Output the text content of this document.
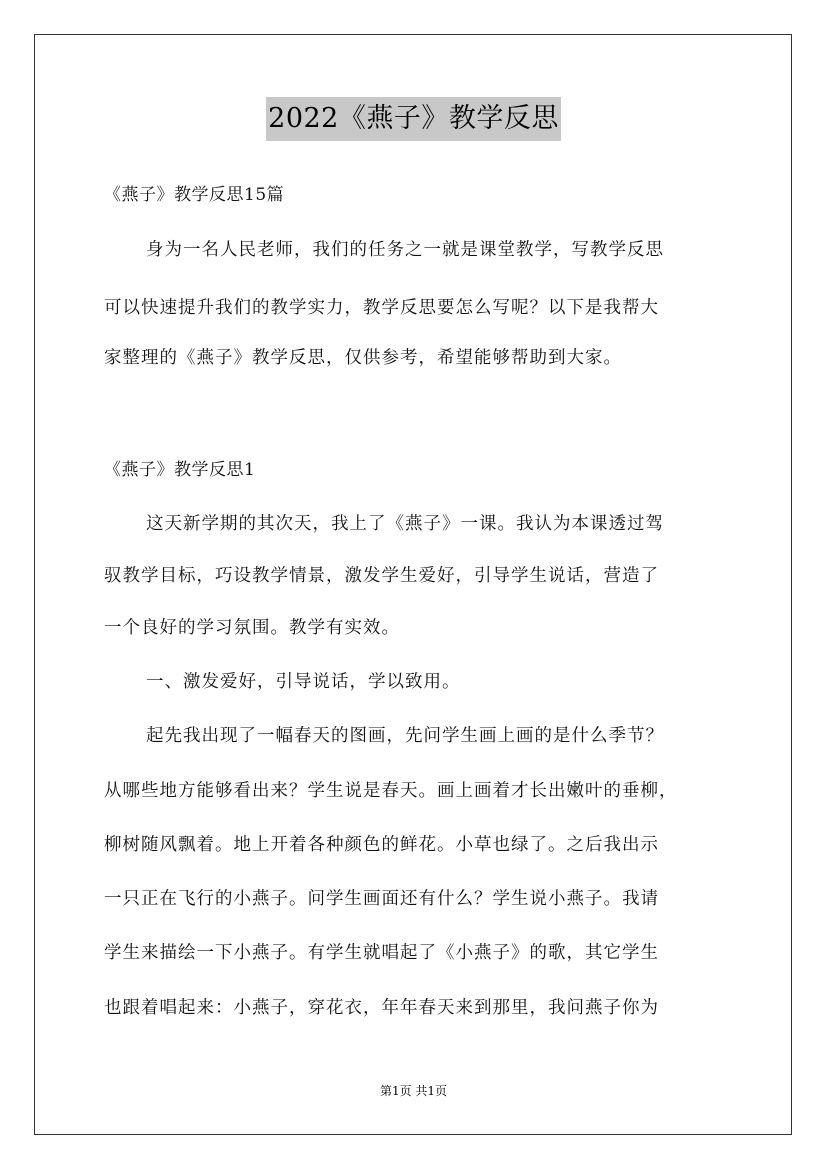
2022《燕子》教学反思
《燕子》教学反思15篇
身为一名人民老师，我们的任务之一就是课堂教学，写教学反思
可以快速提升我们的教学实力，教学反思要怎么写呢？以下是我帮大
家整理的《燕子》教学反思，仅供参考，希望能够帮助到大家。
《燕子》教学反思1
这天新学期的其次天，我上了《燕子》一课。我认为本课透过驾
驭教学目标，巧设教学情景，激发学生爱好，引导学生说话，营造了
一个良好的学习氛围。教学有实效。
一、激发爱好，引导说话，学以致用。
起先我出现了一幅春天的图画，先问学生画上画的是什么季节？
从哪些地方能够看出来？学生说是春天。画上画着才长出嫩叶的垂柳，
柳树随风飘着。地上开着各种颜色的鲜花。小草也绿了。之后我出示
一只正在飞行的小燕子。问学生画面还有什么？学生说小燕子。我请
学生来描绘一下小燕子。有学生就唱起了《小燕子》的歌，其它学生
也跟着唱起来：小燕子，穿花衣，年年春天来到那里，我问燕子你为
第1页 共1页
